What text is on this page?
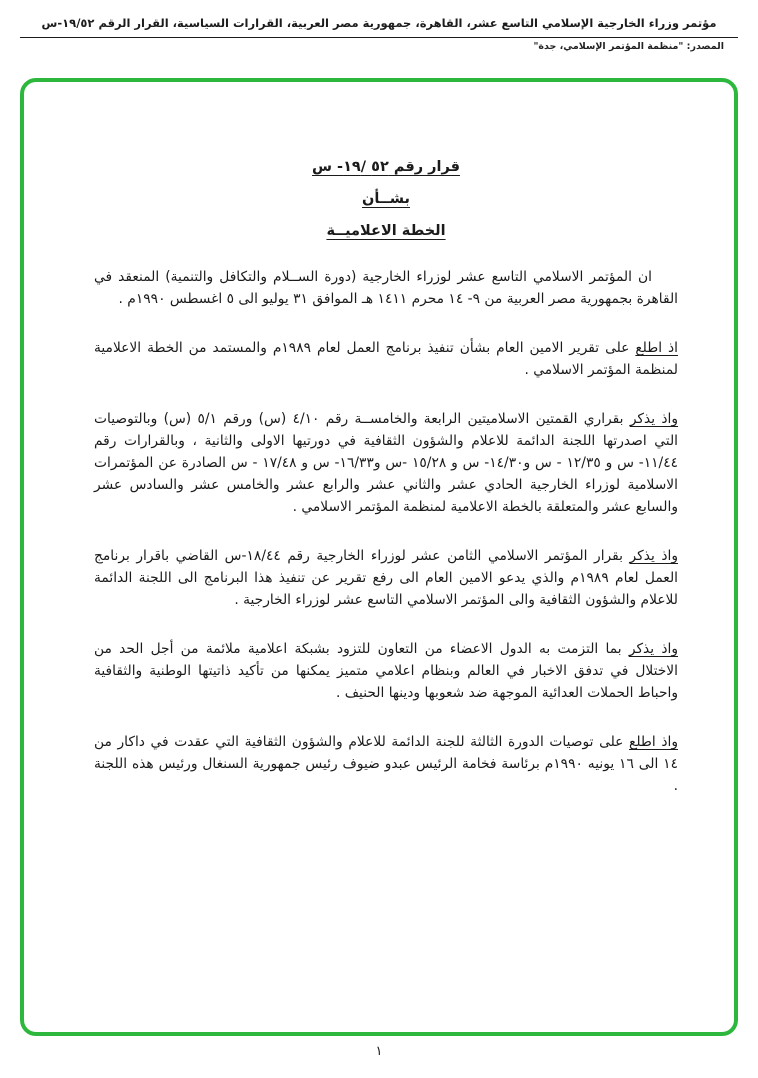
مؤتمر وزراء الخارجية الإسلامي التاسع عشر، القاهرة، جمهورية مصر العربية، القرارات السياسية، القرار الرقم ١٩/٥٢-س
المصدر: "منظمة المؤتمر الإسلامي، جدة"
قرار رقم ٥٢ /١٩- س
بشــأن
الخطة الاعلاميــة

ان المؤتمر الاسلامي التاسع عشر لوزراء الخارجية (دورة الســلام والتكافل والتنمية) المنعقد في القاهرة بجمهورية مصر العربية من ٩- ١٤ محرم ١٤١١ هـ الموافق ٣١ يوليو الى ٥ اغسطس ١٩٩٠م .

اذ اطلع على تقرير الامين العام بشأن تنفيذ برنامج العمل لعام ١٩٨٩م والمستمد من الخطة الاعلامية لمنظمة المؤتمر الاسلامي .

واذ يذكر بقراري القمتين الاسلاميتين الرابعة والخامســة رقم ٤/١٠ (س) ورقم ٥/١ (س) وبالتوصيات التي اصدرتها اللجنة الدائمة للاعلام والشؤون الثقافية في دورتيها الاولى والثانية ، وبالقرارات رقم ١١/٤٤- س و ١٢/٣٥ - س و١٤/٣٠- س و ١٥/٢٨ -س و١٦/٣٣- س و ١٧/٤٨ - س الصادرة عن المؤتمرات الاسلامية لوزراء الخارجية الحادي عشر والثاني عشر والرابع عشر والخامس عشر والسادس عشر والسابع عشر والمتعلقة بالخطة الاعلامية لمنظمة المؤتمر الاسلامي .

واذ يذكر بقرار المؤتمر الاسلامي الثامن عشر لوزراء الخارجية رقم ١٨/٤٤-س القاضي باقرار برنامج العمل لعام ١٩٨٩م والذي يدعو الامين العام الى رفع تقرير عن تنفيذ هذا البرنامج الى اللجنة الدائمة للاعلام والشؤون الثقافية والى المؤتمر الاسلامي التاسع عشر لوزراء الخارجية .

واذ يذكر بما التزمت به الدول الاعضاء من التعاون للتزود بشبكة اعلامية ملائمة من أجل الحد من الاختلال في تدفق الاخبار في العالم وبنظام اعلامي متميز يمكنها من تأكيد ذاتيتها الوطنية والثقافية واحباط الحملات العدائية الموجهة ضد شعوبها ودينها الحنيف .

واذ اطلع على توصيات الدورة الثالثة للجنة الدائمة للاعلام والشؤون الثقافية التي عقدت في داكار من ١٤ الى ١٦ يونيه ١٩٩٠م برئاسة فخامة الرئيس عبدو ضيوف رئيس جمهورية السنغال ورئيس هذه اللجنة .

١
